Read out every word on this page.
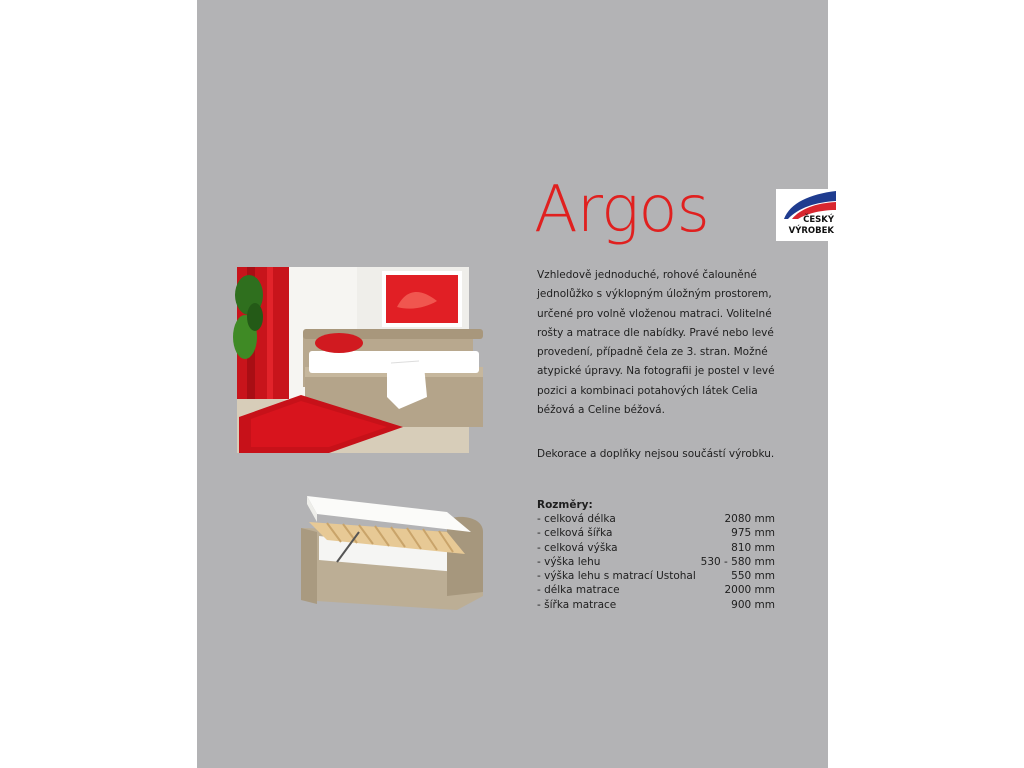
Argos	ČESKÝ
VÝROBEK

Vzhledově jednoduché, rohové čalouněné jednolůžko s výklopným úložným prostorem, určené pro volně vloženou matraci. Volitelné rošty a matrace dle nabídky. Pravé nebo levé provedení, případně čela ze 3. stran. Možné atypické úpravy. Na fotografii je postel v levé pozici a kombinaci potahových látek Celia béžová a Celine béžová.

Dekorace a doplňky nejsou součástí výrobku.

Rozměry:
- celková délka	2080 mm
- celková šířka	975 mm
- celková výška	810 mm
- výška lehu	530 - 580 mm
- výška lehu s matrací Ustohal	550 mm
- délka matrace	2000 mm
- šířka matrace	900 mm
